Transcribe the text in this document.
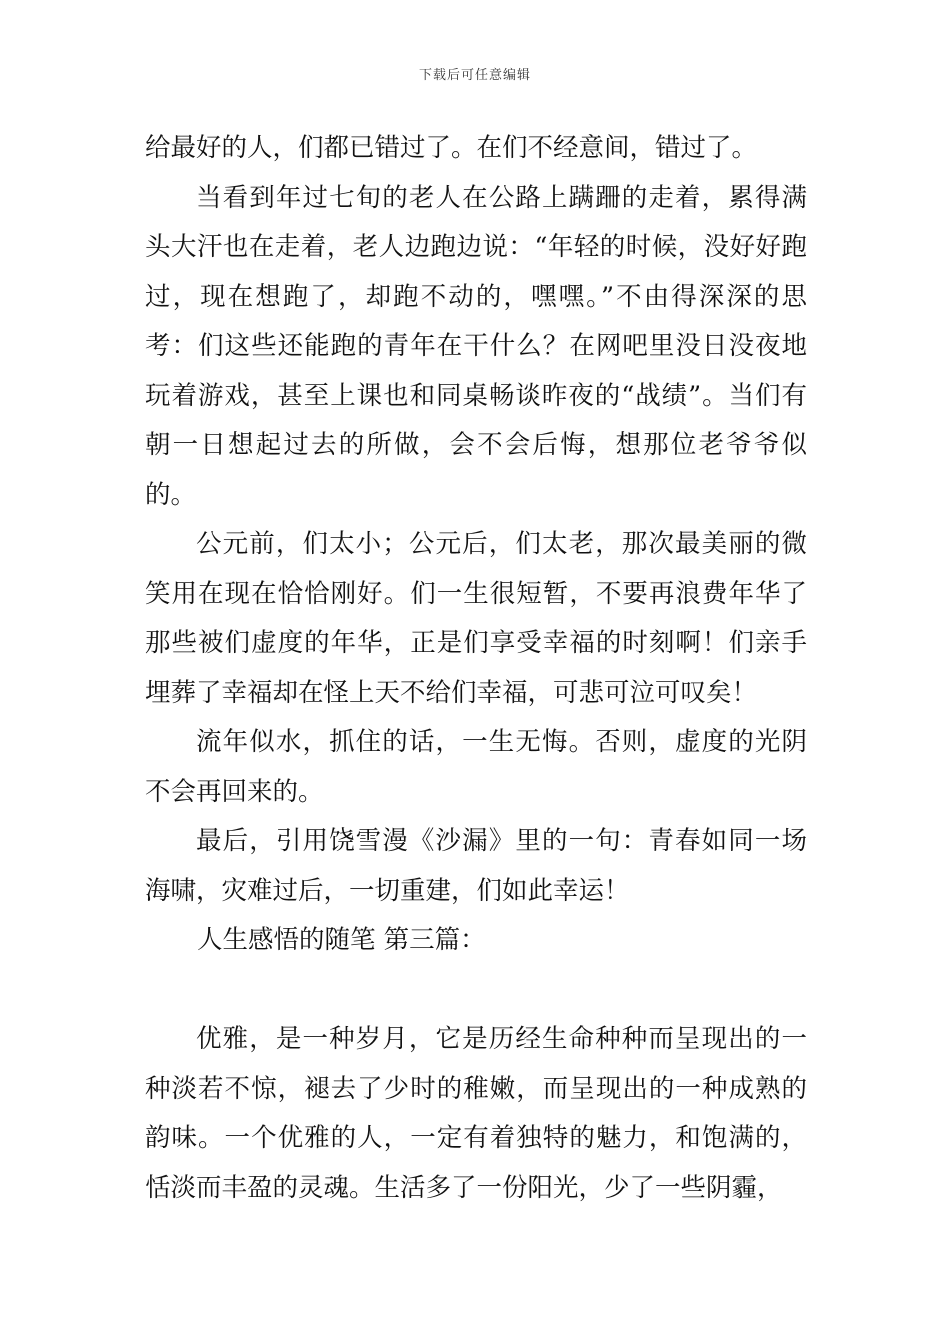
下载后可任意编辑

给最好的人，们都已错过了。在们不经意间，错过了。

当看到年过七旬的老人在公路上蹒跚的走着，累得满头大汗也在走着，老人边跑边说：“年轻的时候，没好好跑过，现在想跑了，却跑不动的，嘿嘿。”不由得深深的思考：们这些还能跑的青年在干什么？在网吧里没日没夜地玩着游戏，甚至上课也和同桌畅谈昨夜的“战绩”。当们有朝一日想起过去的所做，会不会后悔，想那位老爷爷似的。

公元前，们太小；公元后，们太老，那次最美丽的微笑用在现在恰恰刚好。们一生很短暂，不要再浪费年华了那些被们虚度的年华，正是们享受幸福的时刻啊！们亲手埋葬了幸福却在怪上天不给们幸福，可悲可泣可叹矣！

流年似水，抓住的话，一生无悔。否则，虚度的光阴不会再回来的。

最后，引用饶雪漫《沙漏》里的一句：青春如同一场海啸，灾难过后，一切重建，们如此幸运！

人生感悟的随笔 第三篇：

优雅，是一种岁月，它是历经生命种种而呈现出的一种淡若不惊，褪去了少时的稚嫩，而呈现出的一种成熟的韵味。一个优雅的人，一定有着独特的魅力，和饱满的，恬淡而丰盈的灵魂。生活多了一份阳光，少了一些阴霾，
